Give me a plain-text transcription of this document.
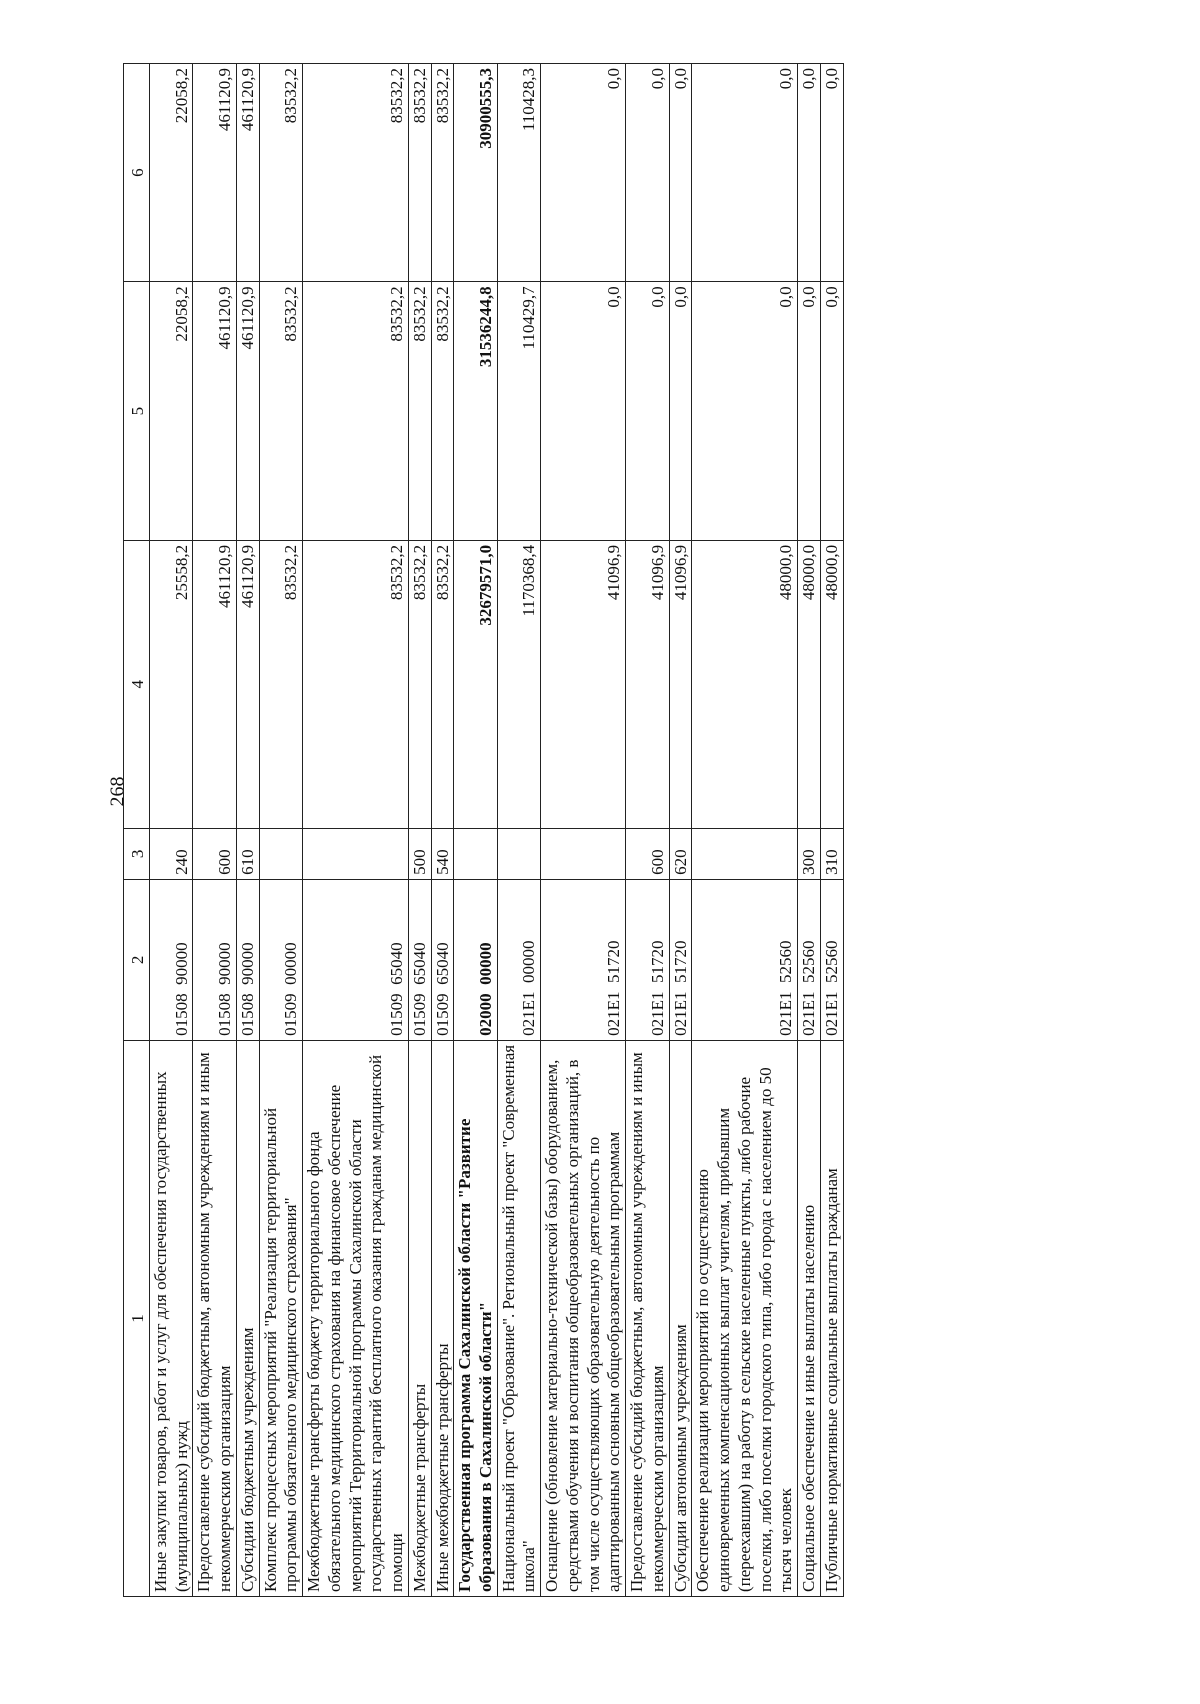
268
1	2	3	4	5	6
Иные закупки товаров, работ и услуг для обеспечения государственных (муниципальных) нужд	01508  90000	240	25558,2	22058,2	22058,2
Предоставление субсидий бюджетным, автономным учреждениям и иным некоммерческим организациям	01508  90000	600	461120,9	461120,9	461120,9
Субсидии бюджетным учреждениям	01508  90000	610	461120,9	461120,9	461120,9
Комплекс процессных мероприятий "Реализация территориальной программы обязательного медицинского страхования"	01509  00000		83532,2	83532,2	83532,2
Межбюджетные трансферты бюджету территориального фонда обязательного медицинского страхования на финансовое обеспечение мероприятий Территориальной программы Сахалинской области государственных гарантий бесплатного оказания гражданам медицинской помощи	01509  65040		83532,2	83532,2	83532,2
Межбюджетные трансферты	01509  65040	500	83532,2	83532,2	83532,2
Иные межбюджетные трансферты	01509  65040	540	83532,2	83532,2	83532,2
Государственная программа Сахалинской области "Развитие образования в Сахалинской области"	02000  00000		32679571,0	31536244,8	30900555,3
Национальный проект "Образование". Региональный проект "Современная школа"	021E1  00000		1170368,4	110429,7	110428,3
Оснащение (обновление материально-технической базы) оборудованием, средствами обучения и воспитания общеобразовательных организаций, в том числе осуществляющих образовательную деятельность по адаптированным основным общеобразовательным программам	021E1  51720		41096,9	0,0	0,0
Предоставление субсидий бюджетным, автономным учреждениям и иным некоммерческим организациям	021E1  51720	600	41096,9	0,0	0,0
Субсидии автономным учреждениям	021E1  51720	620	41096,9	0,0	0,0
Обеспечение реализации мероприятий по осуществлению единовременных компенсационных выплат учителям, прибывшим (переехавшим) на работу в сельские населенные пункты, либо рабочие поселки, либо поселки городского типа, либо города с населением до 50 тысяч человек	021E1  52560		48000,0	0,0	0,0
Социальное обеспечение и иные выплаты населению	021E1  52560	300	48000,0	0,0	0,0
Публичные нормативные социальные выплаты гражданам	021E1  52560	310	48000,0	0,0	0,0
